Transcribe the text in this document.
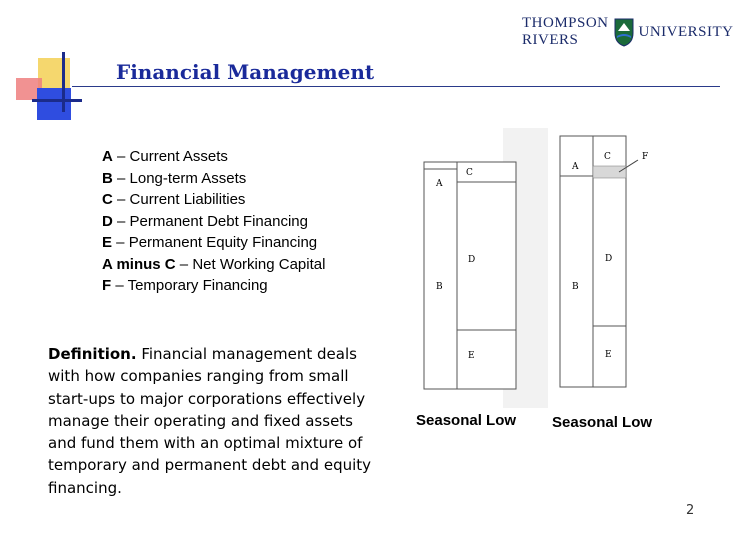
Financial Management
THOMPSON RIVERS
UNIVERSITY
A – Current Assets
B – Long-term Assets
C – Current Liabilities
D – Permanent Debt Financing
E – Permanent Equity Financing
A minus C – Net Working Capital
F – Temporary Financing
Definition. Financial management deals with how companies ranging from small start-ups to major corporations effectively manage their operating and fixed assets and fund them with an optimal mixture of temporary and permanent debt and equity financing.
A
C
D
B
E
A
C	F
D
B
E
Seasonal Low Seasonal Low
2
